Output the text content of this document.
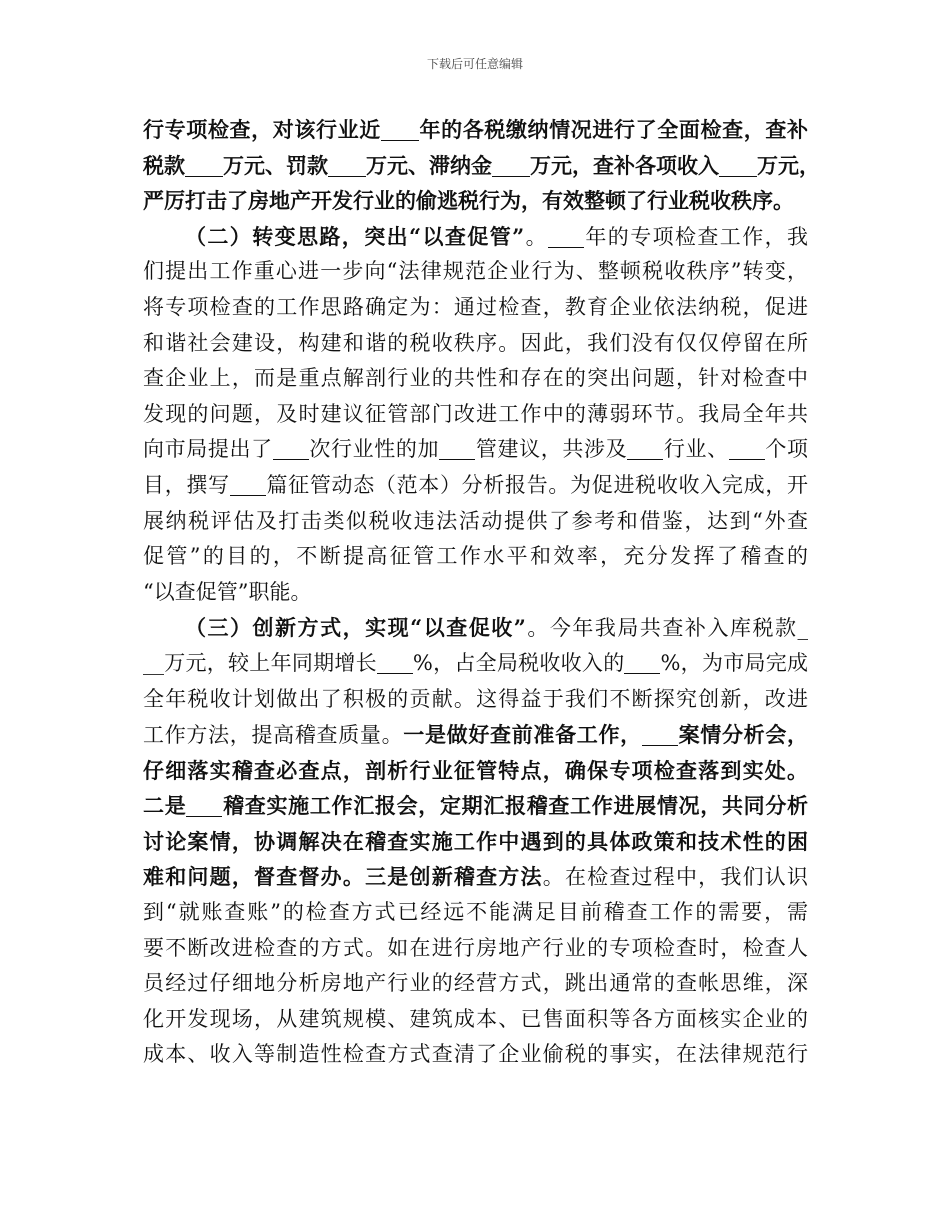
下载后可任意编辑
行专项检查，对该行业近 年的各税缴纳情况进行了全面检查，查补
税款 万元、罚款 万元、滞纳金 万元，查补各项收入 万元，
严厉打击了房地产开发行业的偷逃税行为，有效整顿了行业税收秩序。
（二）转变思路，突出“以查促管”。 年的专项检查工作，我
们提出工作重心进一步向“法律规范企业行为、整顿税收秩序”转变，
将专项检查的工作思路确定为：通过检查，教育企业依法纳税，促进
和谐社会建设，构建和谐的税收秩序。因此，我们没有仅仅停留在所
查企业上，而是重点解剖行业的共性和存在的突出问题，针对检查中
发现的问题，及时建议征管部门改进工作中的薄弱环节。我局全年共
向市局提出了 次行业性的加 管建议，共涉及 行业、 个项
目，撰写 篇征管动态（范本）分析报告。为促进税收收入完成，开
展纳税评估及打击类似税收违法活动提供了参考和借鉴，达到“外查
促管”的目的，不断提高征管工作水平和效率，充分发挥了稽查的
“以查促管”职能。
（三）创新方式，实现“以查促收”。今年我局共查补入库税款_
__万元，较上年同期增长 %，占全局税收收入的 %，为市局完成
全年税收计划做出了积极的贡献。这得益于我们不断探究创新，改进
工作方法，提高稽查质量。一是做好查前准备工作， 案情分析会，
仔细落实稽查必查点，剖析行业征管特点，确保专项检查落到实处。
二是 稽查实施工作汇报会，定期汇报稽查工作进展情况，共同分析
讨论案情，协调解决在稽查实施工作中遇到的具体政策和技术性的困
难和问题，督查督办。三是创新稽查方法。在检查过程中，我们认识
到“就账查账”的检查方式已经远不能满足目前稽查工作的需要，需
要不断改进检查的方式。如在进行房地产行业的专项检查时，检查人
员经过仔细地分析房地产行业的经营方式，跳出通常的查帐思维，深
化开发现场，从建筑规模、建筑成本、已售面积等各方面核实企业的
成本、收入等制造性检查方式查清了企业偷税的事实，在法律规范行
